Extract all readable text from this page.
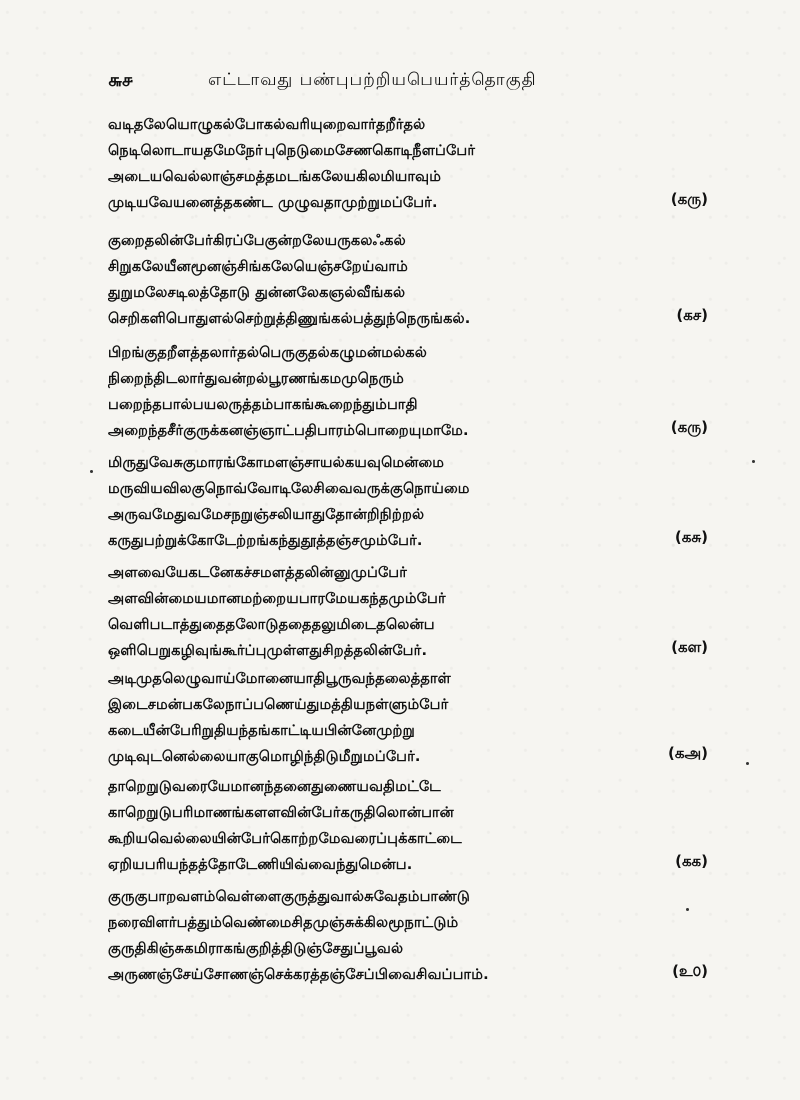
௬௪	எட்டாவது பண்புபற்றியபெயர்த்தொகுதி
வடிதலேயொழுகல்போகல்வரியுறைவார்தறீர்தல்
நெடிலொடாயதமேநோ்புநெடுமைசேணகொடிநீளப்பேர்
அடையவெல்லாஞ்சமத்தமடங்கலேயகிலமியாவும்
முடியவேயனைத்தகண்ட முழுவதாமுற்றுமப்பேர்.	(கரு)
குறைதலின்பேர்கிரப்பேகுன்றலேயருகலஃகல்
சிறுகலேயீனமூனஞ்சிங்கலேயெஞ்சறேய்வாம்
துறுமலேசடிலத்தோடு துன்னலேகஞல்வீங்கல்
செறிகளிபொதுளல்செற்றுத்திணுங்கல்பத்துந்நெருங்கல்.	(கச)
பிறங்குதறீளத்தலார்தல்பெருகுதல்கழுமன்மல்கல்
நிறைந்திடலார்துவன்றல்பூரணங்கமமுநெரும்
பறைந்தபால்பயலருத்தம்பாகங்கூறைந்தும்பாதி
அறைந்தசீர்குருக்கனஞ்ஞாட்பதிபாரம்பொறையுமாமே.	(கரு)
மிருதுவேசுகுமாரங்கோமளஞ்சாயல்கயவுமென்மை
மருவியவிலகுநொவ்வோடிலேசிவைவருக்குநொய்மை
அருவமேதுவமேசநறுஞ்சலியாதுதோன்றிநிற்றல்
கருதுபற்றுக்கோடேற்றங்கந்துதூத்தஞ்சமும்பேர்.	(கசு)
அளவையேகடனேகச்சமளத்தலின்னுமுப்பேர்
அளவின்மையமானமற்றையபாரமேயகந்தமும்பேர்
வெளிபடாத்துதைதலோடுததைதலுமிடைதலென்ப
ஒளிபெறுகழிவுங்கூர்ப்புமுள்ளதுசிறத்தலின்பேர்.	(கள)
அடிமுதலெழுவாய்மோனையாதிபூருவந்தலைத்தாள்
இடைசமன்பகலேநாப்பணெய்துமத்தியநள்ளும்பேர்
கடையீன்பேரிறுதியந்தங்காட்டியபின்னேமுற்று
முடிவுடனெல்லையாகுமொழிந்திடுமீறுமப்பேர்.	(கஅ)
தாறெறுடுவரையேமானந்தனைதுணையவதிமட்டே
காறெறுடுபரிமாணங்களளவின்பேர்கருதிலொன்பான்
கூறியவெல்லையின்பேர்கொற்றமேவரைப்புக்காட்டை
ஏறியபரியந்தத்தோடேணியிவ்வைந்துமென்ப.	(கக)
குருகுபாறவளம்வெள்ளைகுருத்துவால்சுவேதம்பாண்டு
நரைவிளர்பத்தும்வெண்மைசிதமுஞ்சுக்கிலமூநாட்டும்
குருதிகிஞ்சுகமிராகங்குறித்திடுஞ்சேதுப்பூவல்
அருணஞ்சேய்சோணஞ்செக்கரத்தஞ்சேப்பிவைசிவப்பாம்.	(உ௦)
